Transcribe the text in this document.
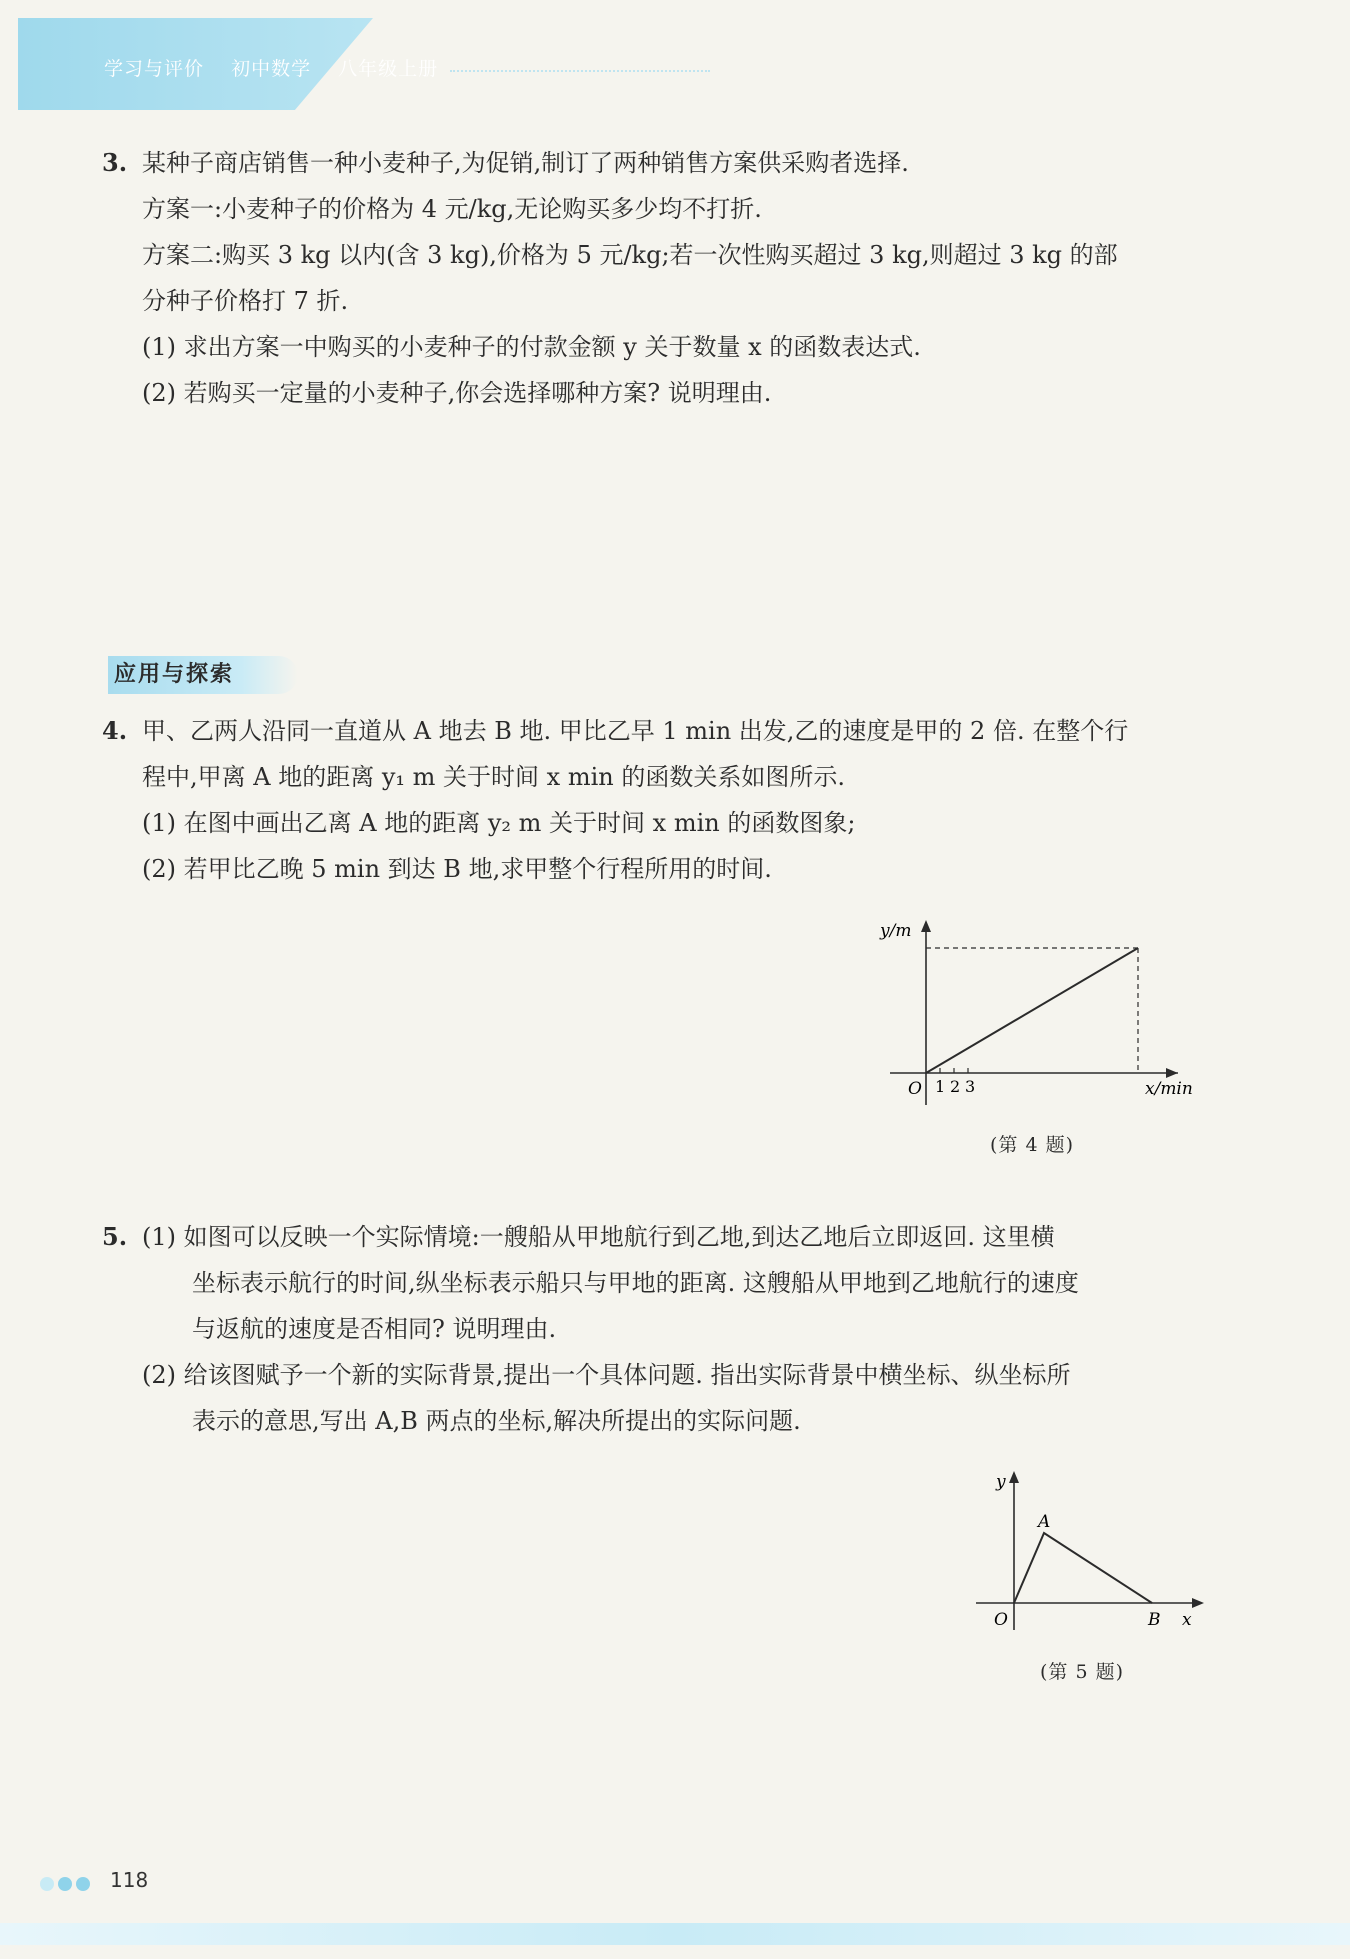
学习与评价 初中数学 八年级上册
3. 某种子商店销售一种小麦种子,为促销,制订了两种销售方案供采购者选择.
方案一:小麦种子的价格为 4 元/kg,无论购买多少均不打折.
方案二:购买 3 kg 以内(含 3 kg),价格为 5 元/kg;若一次性购买超过 3 kg,则超过 3 kg 的部
分种子价格打 7 折.
(1) 求出方案一中购买的小麦种子的付款金额 y 关于数量 x 的函数表达式.
(2) 若购买一定量的小麦种子,你会选择哪种方案? 说明理由.
应用与探索
4. 甲、乙两人沿同一直道从 A 地去 B 地. 甲比乙早 1 min 出发,乙的速度是甲的 2 倍. 在整个行
程中,甲离 A 地的距离 y₁ m 关于时间 x min 的函数关系如图所示.
(1) 在图中画出乙离 A 地的距离 y₂ m 关于时间 x min 的函数图象;
(2) 若甲比乙晚 5 min 到达 B 地,求甲整个行程所用的时间.
y/m
O 1 2 3	x/min
(第 4 题)
5. (1) 如图可以反映一个实际情境:一艘船从甲地航行到乙地,到达乙地后立即返回. 这里横
坐标表示航行的时间,纵坐标表示船只与甲地的距离. 这艘船从甲地到乙地航行的速度
与返航的速度是否相同? 说明理由.
(2) 给该图赋予一个新的实际背景,提出一个具体问题. 指出实际背景中横坐标、纵坐标所
表示的意思,写出 A,B 两点的坐标,解决所提出的实际问题.
y
A
O	B x
(第 5 题)
118
